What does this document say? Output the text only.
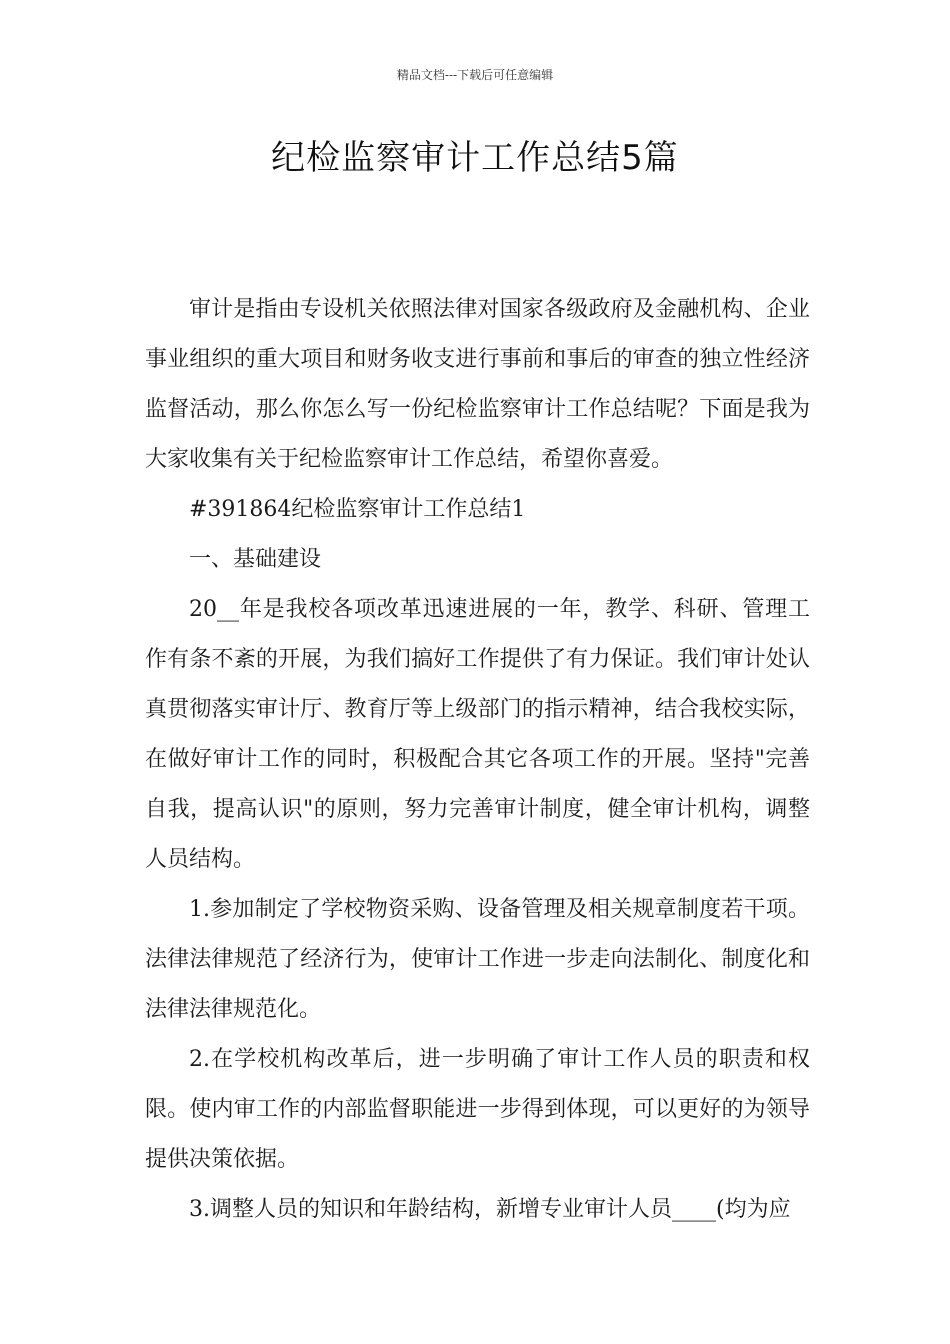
精品文档---下载后可任意编辑
纪检监察审计工作总结5篇

审计是指由专设机关依照法律对国家各级政府及金融机构、企业事业组织的重大项目和财务收支进行事前和事后的审查的独立性经济监督活动，那么你怎么写一份纪检监察审计工作总结呢？下面是我为大家收集有关于纪检监察审计工作总结，希望你喜爱。

#391864纪检监察审计工作总结1

一、基础建设

20__年是我校各项改革迅速进展的一年，教学、科研、管理工作有条不紊的开展，为我们搞好工作提供了有力保证。我们审计处认真贯彻落实审计厅、教育厅等上级部门的指示精神，结合我校实际，在做好审计工作的同时，积极配合其它各项工作的开展。坚持"完善自我，提高认识"的原则，努力完善审计制度，健全审计机构，调整人员结构。

1.参加制定了学校物资采购、设备管理及相关规章制度若干项。法律法律规范了经济行为，使审计工作进一步走向法制化、制度化和法律法律规范化。

2.在学校机构改革后，进一步明确了审计工作人员的职责和权限。使内审工作的内部监督职能进一步得到体现，可以更好的为领导提供决策依据。

3.调整人员的知识和年龄结构，新增专业审计人员____(均为应
